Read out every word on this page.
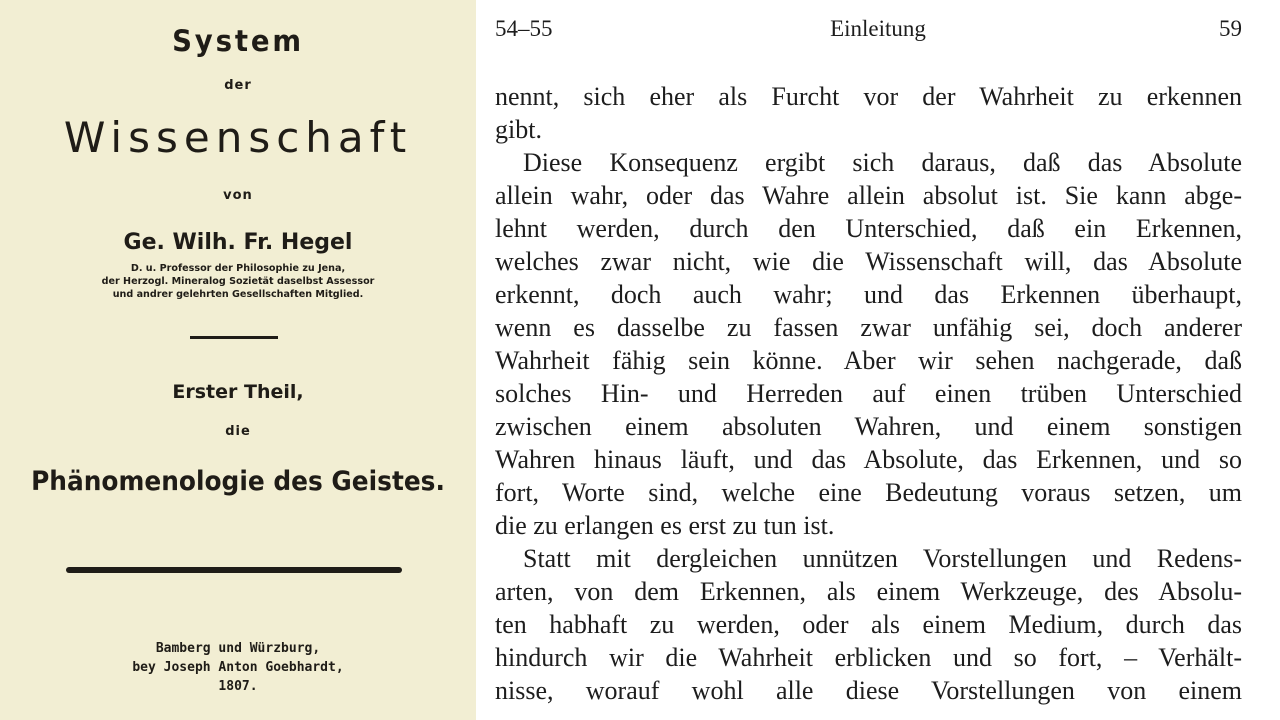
System
der
Wissenschaft
von
Ge. Wilh. Fr. Hegel
D. u. Professor der Philosophie zu Jena,
der Herzogl. Mineralog Sozietät daselbst Assessor
und andrer gelehrten Gesellschaften Mitglied.
Erster Theil,
die
Phänomenologie des Geistes.
Bamberg und Würzburg,
bey Joseph Anton Goebhardt,
1807.
54–55	Einleitung	59
nennt, sich eher als Furcht vor der Wahrheit zu erkennen
gibt.
Diese Konsequenz ergibt sich daraus, daß das Absolute
allein wahr, oder das Wahre allein absolut ist. Sie kann abge-
lehnt werden, durch den Unterschied, daß ein Erkennen,
welches zwar nicht, wie die Wissenschaft will, das Absolute
erkennt, doch auch wahr; und das Erkennen überhaupt,
wenn es dasselbe zu fassen zwar unfähig sei, doch anderer
Wahrheit fähig sein könne. Aber wir sehen nachgerade, daß
solches Hin- und Herreden auf einen trüben Unterschied
zwischen einem absoluten Wahren, und einem sonstigen
Wahren hinaus läuft, und das Absolute, das Erkennen, und so
fort, Worte sind, welche eine Bedeutung voraus setzen, um
die zu erlangen es erst zu tun ist.
Statt mit dergleichen unnützen Vorstellungen und Redens-
arten, von dem Erkennen, als einem Werkzeuge, des Absolu-
ten habhaft zu werden, oder als einem Medium, durch das
hindurch wir die Wahrheit erblicken und so fort, – Verhält-
nisse, worauf wohl alle diese Vorstellungen von einem
